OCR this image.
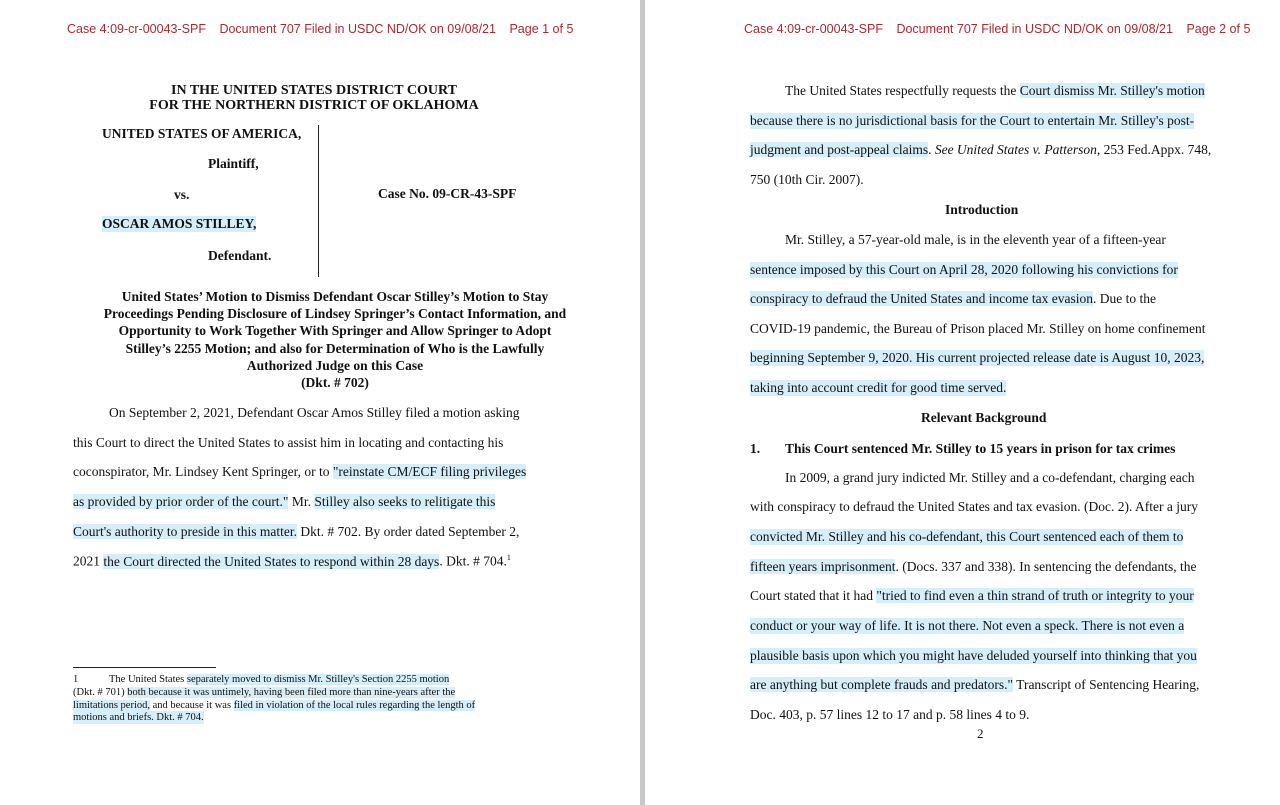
Case 4:09-cr-00043-SPF Document 707 Filed in USDC ND/OK on 09/08/21 Page 1 of 5
IN THE UNITED STATES DISTRICT COURT
FOR THE NORTHERN DISTRICT OF OKLAHOMA
UNITED STATES OF AMERICA,
Plaintiff,
vs.	Case No. 09-CR-43-SPF
OSCAR AMOS STILLEY,
Defendant.
United States’ Motion to Dismiss Defendant Oscar Stilley’s Motion to Stay
Proceedings Pending Disclosure of Lindsey Springer’s Contact Information, and
Opportunity to Work Together With Springer and Allow Springer to Adopt
Stilley’s 2255 Motion; and also for Determination of Who is the Lawfully
Authorized Judge on this Case
(Dkt. # 702)
On September 2, 2021, Defendant Oscar Amos Stilley filed a motion asking
this Court to direct the United States to assist him in locating and contacting his
coconspirator, Mr. Lindsey Kent Springer, or to "reinstate CM/ECF filing privileges
as provided by prior order of the court." Mr. Stilley also seeks to relitigate this
Court's authority to preside in this matter. Dkt. # 702. By order dated September 2,
2021 the Court directed the United States to respond within 28 days. Dkt. # 704.$^1$
1	The United States separately moved to dismiss Mr. Stilley's Section 2255 motion
(Dkt. # 701) both because it was untimely, having been filed more than nine-years after the
limitations period, and because it was filed in violation of the local rules regarding the length of
motions and briefs. Dkt. # 704.
Case 4:09-cr-00043-SPF Document 707 Filed in USDC ND/OK on 09/08/21 Page 2 of 5
The United States respectfully requests the Court dismiss Mr. Stilley's motion
because there is no jurisdictional basis for the Court to entertain Mr. Stilley's post-
judgment and post-appeal claims. See United States v. Patterson, 253 Fed.Appx. 748,
750 (10th Cir. 2007).
Introduction
Mr. Stilley, a 57-year-old male, is in the eleventh year of a fifteen-year
sentence imposed by this Court on April 28, 2020 following his convictions for
conspiracy to defraud the United States and income tax evasion. Due to the
COVID-19 pandemic, the Bureau of Prison placed Mr. Stilley on home confinement
beginning September 9, 2020. His current projected release date is August 10, 2023,
taking into account credit for good time served.
Relevant Background
1. This Court sentenced Mr. Stilley to 15 years in prison for tax crimes
In 2009, a grand jury indicted Mr. Stilley and a co-defendant, charging each
with conspiracy to defraud the United States and tax evasion. (Doc. 2). After a jury
convicted Mr. Stilley and his co-defendant, this Court sentenced each of them to
fifteen years imprisonment. (Docs. 337 and 338). In sentencing the defendants, the
Court stated that it had "tried to find even a thin strand of truth or integrity to your
conduct or your way of life. It is not there. Not even a speck. There is not even a
plausible basis upon which you might have deluded yourself into thinking that you
are anything but complete frauds and predators." Transcript of Sentencing Hearing,
Doc. 403, p. 57 lines 12 to 17 and p. 58 lines 4 to 9.
2
